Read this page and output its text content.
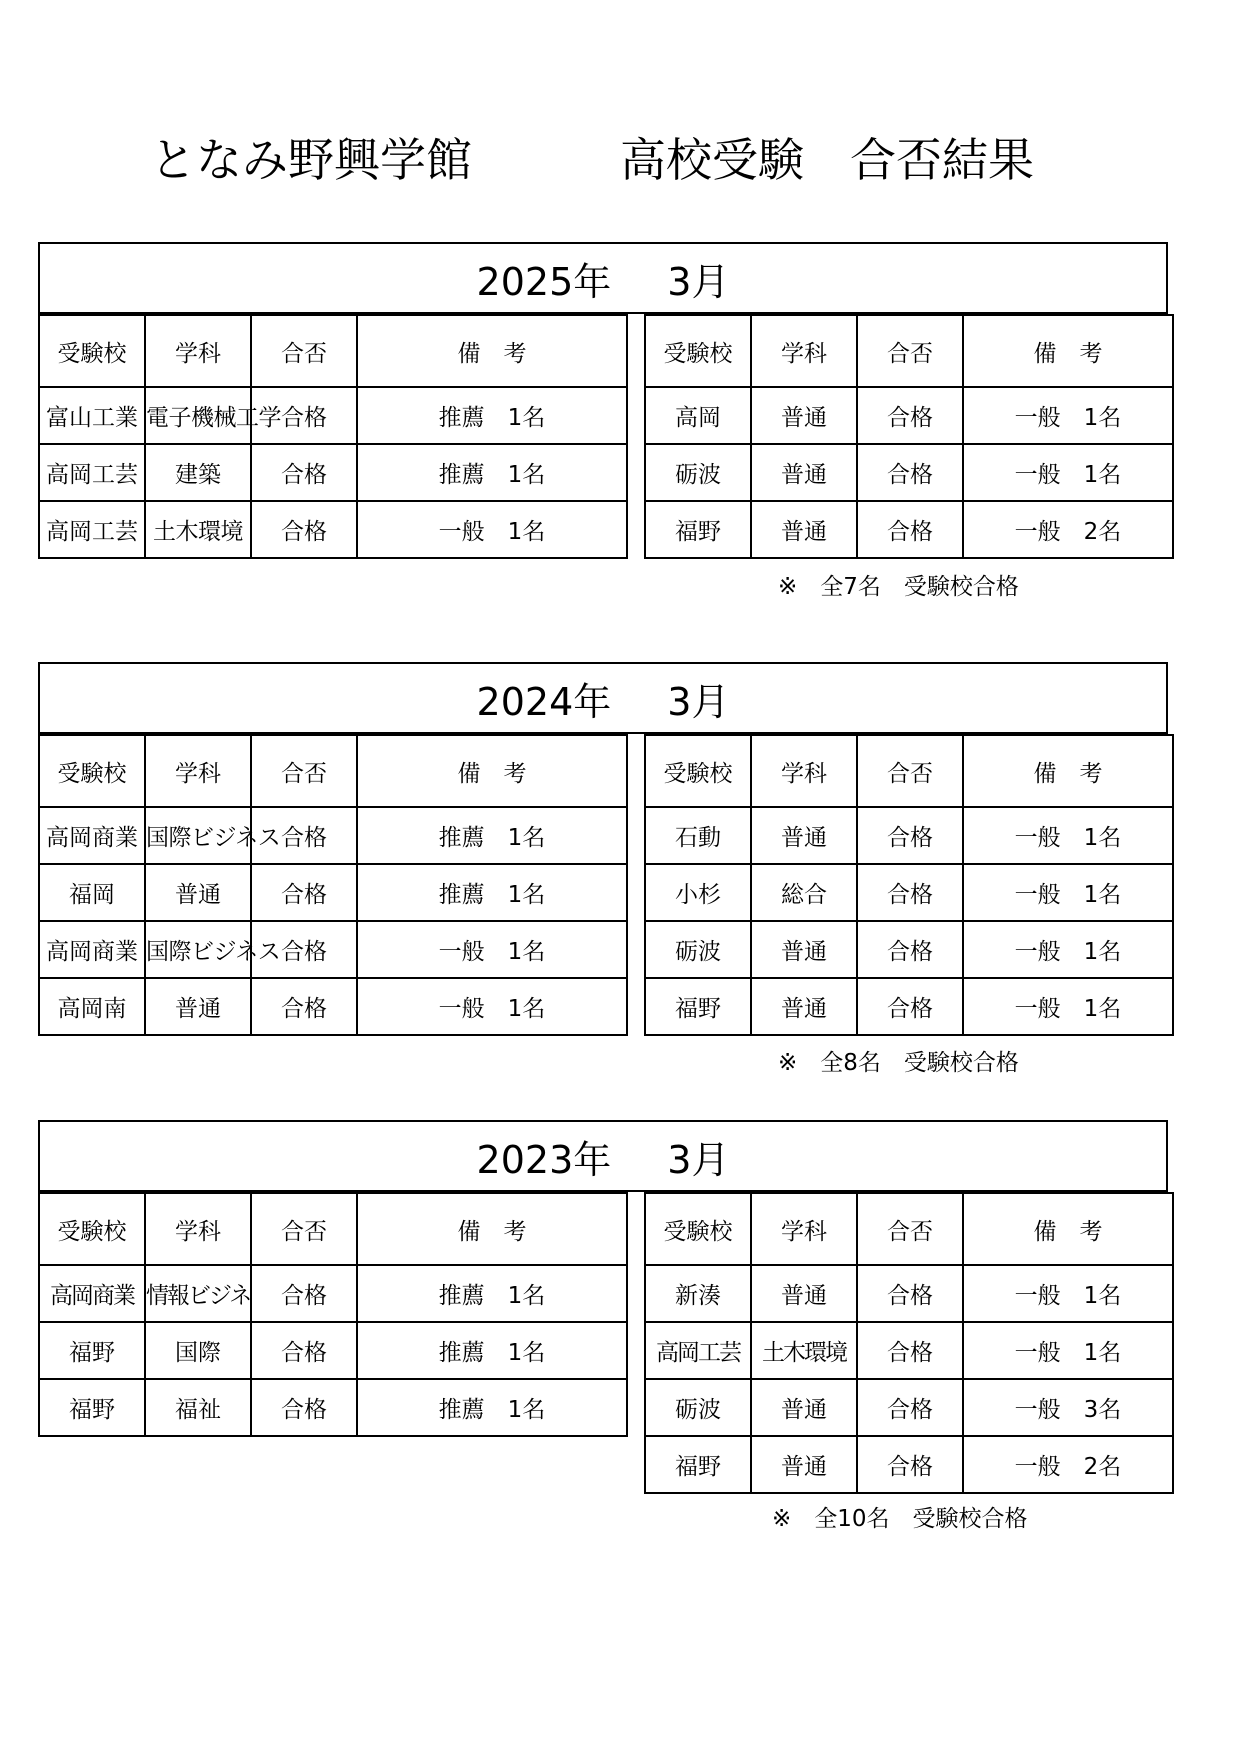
となみ野興学館	高校受験　合否結果
2025年 3月
受験校	学科	合否	備　考
富山工業	電子機械工学	合格	推薦　1名
高岡工芸	建築	合格	推薦　1名
高岡工芸	土木環境	合格	一般　1名
受験校	学科	合否	備　考
高岡	普通	合格	一般　1名
砺波	普通	合格	一般　1名
福野	普通	合格	一般　2名
※　全7名　受験校合格
2024年 3月
受験校	学科	合否	備　考
高岡商業	国際ビジネス	合格	推薦　1名
福岡	普通	合格	推薦　1名
高岡商業	国際ビジネス	合格	一般　1名
高岡南	普通	合格	一般　1名
受験校	学科	合否	備　考
石動	普通	合格	一般　1名
小杉	総合	合格	一般　1名
砺波	普通	合格	一般　1名
福野	普通	合格	一般　1名
※　全8名　受験校合格
2023年 3月
受験校	学科	合否	備　考
高岡商業	情報ビジネ	合格	推薦　1名
福野	国際	合格	推薦　1名
福野	福祉	合格	推薦　1名
受験校	学科	合否	備　考
新湊	普通	合格	一般　1名
高岡工芸	土木環境	合格	一般　1名
砺波	普通	合格	一般　3名
福野	普通	合格	一般　2名
※　全10名　受験校合格
